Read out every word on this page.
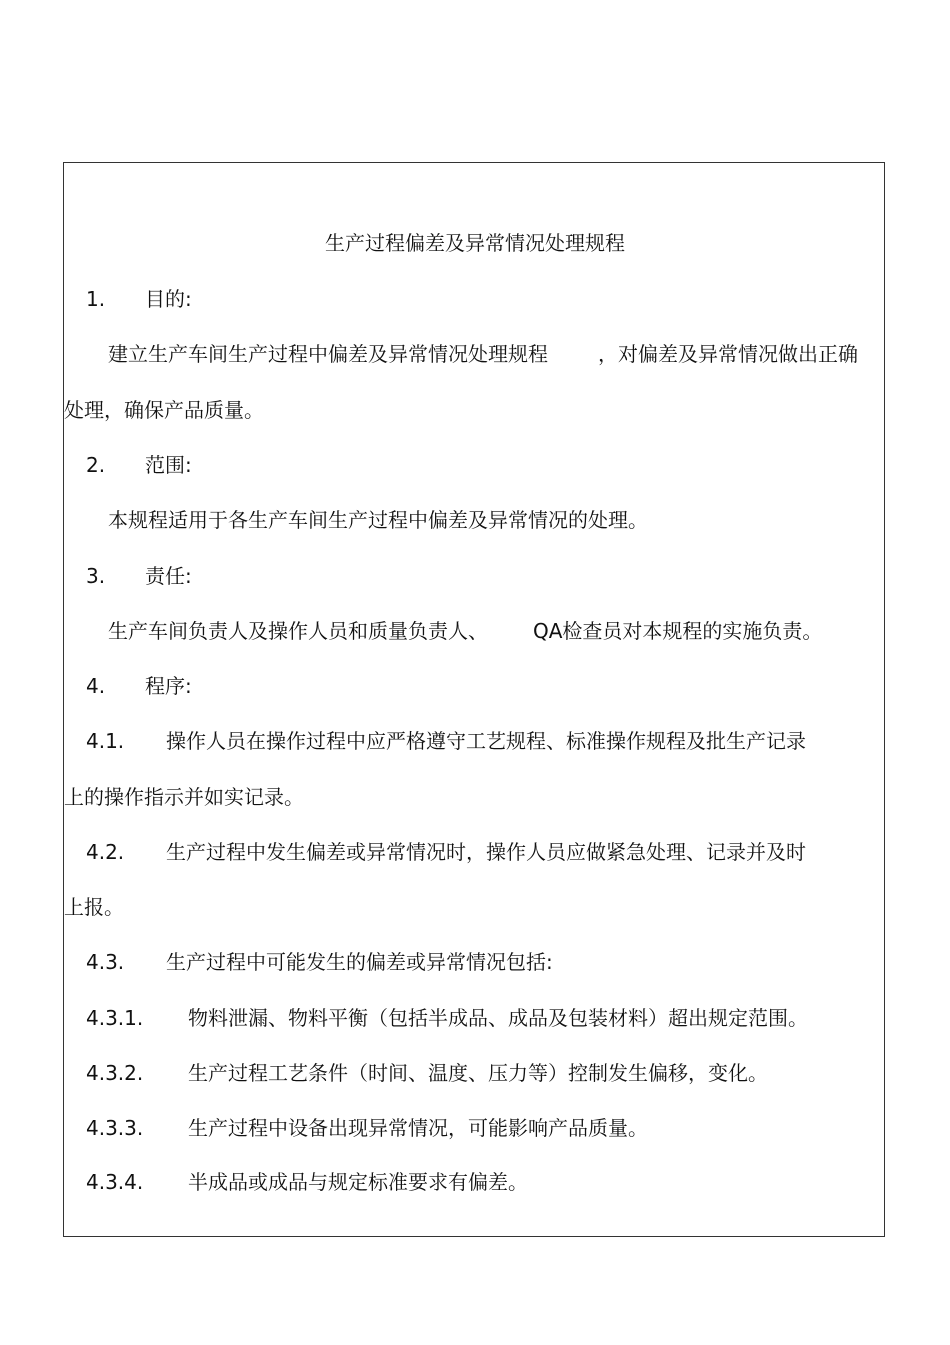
生产过程偏差及异常情况处理规程
1. 目的:
建立生产车间生产过程中偏差及异常情况处理规程	，对偏差及异常情况做出正确
处理，确保产品质量。
2. 范围:
本规程适用于各生产车间生产过程中偏差及异常情况的处理。
3. 责任:
生产车间负责人及操作人员和质量负责人、 QA检查员对本规程的实施负责。
4. 程序:
4.1. 操作人员在操作过程中应严格遵守工艺规程、标准操作规程及批生产记录
上的操作指示并如实记录。
4.2. 生产过程中发生偏差或异常情况时，操作人员应做紧急处理、记录并及时
上报。
4.3. 生产过程中可能发生的偏差或异常情况包括:
4.3.1. 物料泄漏、物料平衡（包括半成品、成品及包装材料）超出规定范围。
4.3.2. 生产过程工艺条件（时间、温度、压力等）控制发生偏移，变化。
4.3.3. 生产过程中设备出现异常情况，可能影响产品质量。
4.3.4. 半成品或成品与规定标准要求有偏差。
